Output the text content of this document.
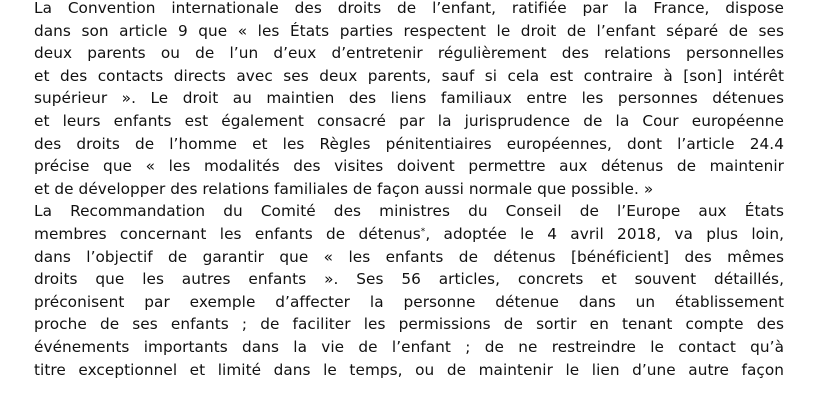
La Convention internationale des droits de l’enfant, ratifiée par la France, dispose
dans son article 9 que « les États parties respectent le droit de l’enfant séparé de ses
deux parents ou de l’un d’eux d’entretenir régulièrement des relations personnelles
et des contacts directs avec ses deux parents, sauf si cela est contraire à [son] intérêt
supérieur ». Le droit au maintien des liens familiaux entre les personnes détenues
et leurs enfants est également consacré par la jurisprudence de la Cour européenne
des droits de l’homme et les Règles pénitentiaires européennes, dont l’article 24.4
précise que « les modalités des visites doivent permettre aux détenus de maintenir
et de développer des relations familiales de façon aussi normale que possible. »
La Recommandation du Comité des ministres du Conseil de l’Europe aux États
membres concernant les enfants de détenus*, adoptée le 4 avril 2018, va plus loin,
dans l’objectif de garantir que « les enfants de détenus [bénéficient] des mêmes
droits que les autres enfants ». Ses 56 articles, concrets et souvent détaillés,
préconisent par exemple d’affecter la personne détenue dans un établissement
proche de ses enfants ; de faciliter les permissions de sortir en tenant compte des
événements importants dans la vie de l’enfant ; de ne restreindre le contact qu’à
titre exceptionnel et limité dans le temps, ou de maintenir le lien d’une autre façon
